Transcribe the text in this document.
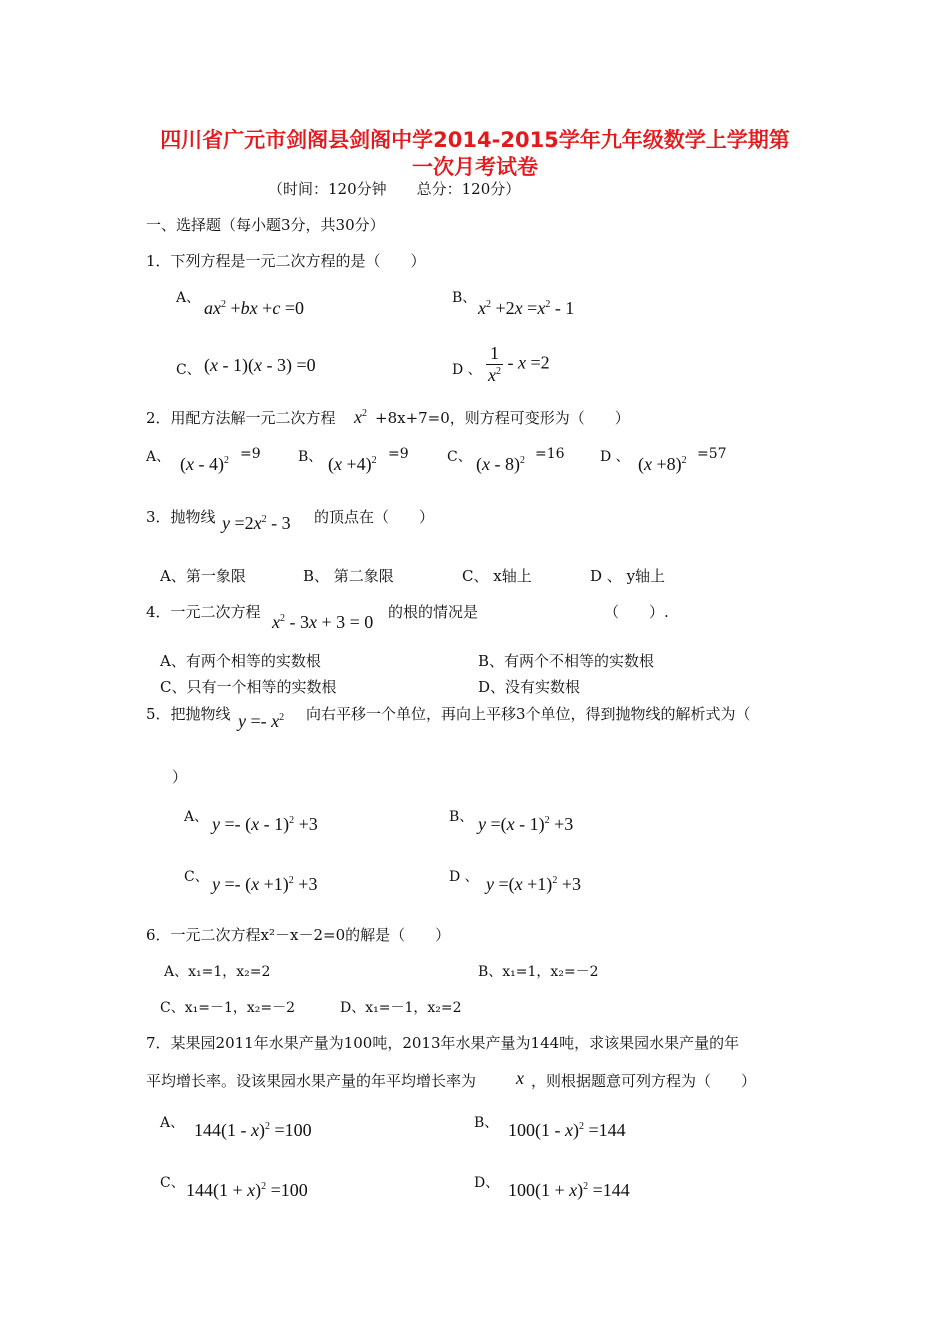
四川省广元市剑阁县剑阁中学2014-2015学年九年级数学上学期第
一次月考试卷
（时间：120分钟　　总分：120分）
一、选择题（每小题3分，共30分）
1．下列方程是一元二次方程的是（　　）
A、 $ax^2 +bx +c =0$	B、 $x^2 +2x =x^2 - 1$
C、 (x - 1)(x - 3) =0	D 、 $\frac{1}{x^2} - x =2$
2．用配方法解一元二次方程 $x^2 +8x+7=0$，则方程可变形为（　　）
A、 (x - 4)$^2$ =9	B、 $(x +4)^2 =9$	C、 (x - 8)$^2$ =16	D 、 $(x +8)^2 =57$
3．抛物线 $y =2x^2 - 3$ 的顶点在（　　）
A、第一象限	B、 第二象限	C、 x轴上	D 、 y轴上
4．一元二次方程 $x^2 - 3x + 3 = 0$ 的根的情况是	（　　）.
A、有两个相等的实数根	B、有两个不相等的实数根
C、只有一个相等的实数根	D、没有实数根
5．把抛物线 $y =- x^2$ 向右平移一个单位，再向上平移3个单位，得到抛物线的解析式为（
）
A、 y =- (x - 1)$^2$ +3	B、 y =(x - 1)$^2$ +3
C、 $y =- (x +1)^2 +3$	D 、 $y =(x +1)^2 +3$
6．一元二次方程x²－x－2=0的解是（　　）
A、x₁=1，x₂=2	B、x₁=1，x₂=－2
C、x₁=－1，x₂=－2	D、x₁=－1，x₂=2
7．某果园2011年水果产量为100吨，2013年水果产量为144吨，求该果园水果产量的年
平均增长率。设该果园水果产量的年平均增长率为 x ，则根据题意可列方程为（　　）
A、 144(1 - x)$^2$ =100	B、 100(1 - x)$^2$ =144
C、 $144(1 + x)^2 =100$	D、 $100(1 + x)^2 =144$
